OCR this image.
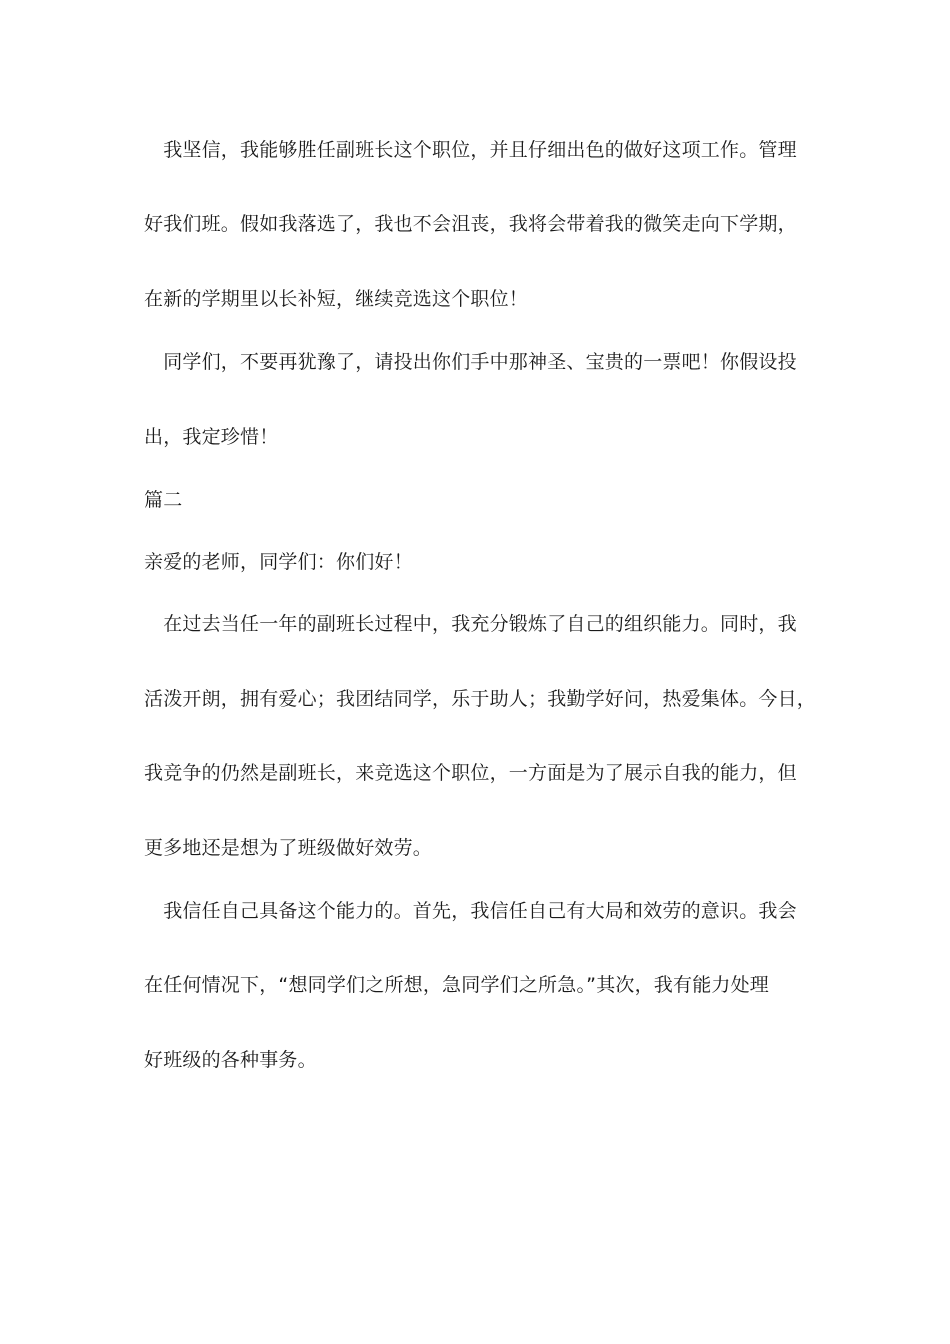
　我坚信，我能够胜任副班长这个职位，并且仔细出色的做好这项工作。管理
好我们班。假如我落选了，我也不会沮丧，我将会带着我的微笑走向下学期，
在新的学期里以长补短，继续竞选这个职位！
　同学们，不要再犹豫了，请投出你们手中那神圣、宝贵的一票吧！你假设投
出，我定珍惜！
篇二
亲爱的老师，同学们：你们好！
　在过去当任一年的副班长过程中，我充分锻炼了自己的组织能力。同时，我
活泼开朗，拥有爱心；我团结同学，乐于助人；我勤学好问，热爱集体。今日，
我竞争的仍然是副班长，来竞选这个职位，一方面是为了展示自我的能力，但
更多地还是想为了班级做好效劳。
　我信任自己具备这个能力的。首先，我信任自己有大局和效劳的意识。我会
在任何情况下，“想同学们之所想，急同学们之所急。”其次，我有能力处理
好班级的各种事务。
